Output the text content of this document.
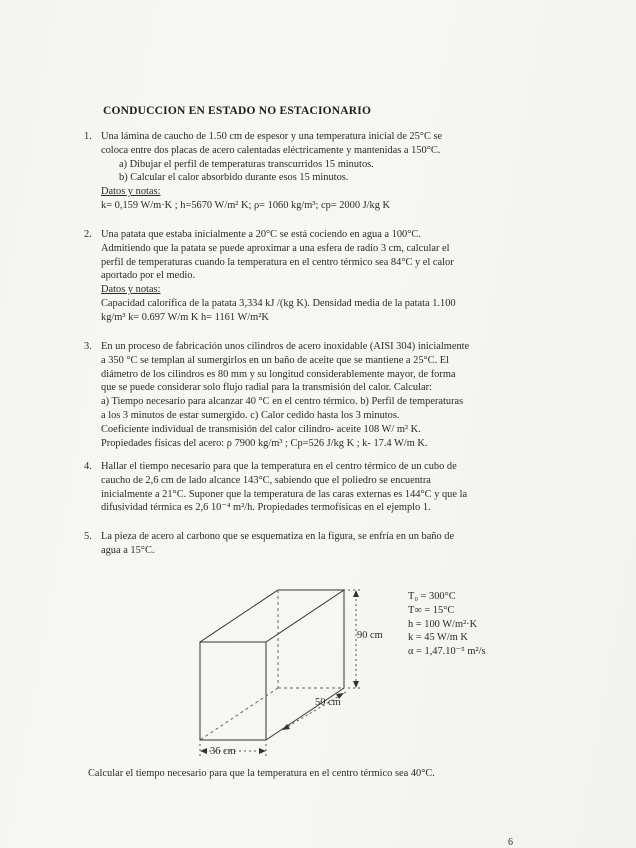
CONDUCCION EN ESTADO NO ESTACIONARIO
1. Una lámina de caucho de 1.50 cm de espesor y una temperatura inicial de 25°C se
coloca entre dos placas de acero calentadas eléctricamente y mantenidas a 150°C.
a) Dibujar el perfil de temperaturas transcurridos 15 minutos.
b) Calcular el calor absorbido durante esos 15 minutos.
Datos y notas:
k= 0,159 W/m·K ; h=5670 W/m² K; ρ= 1060 kg/m³; cp= 2000 J/kg K
2. Una patata que estaba inicialmente a 20°C se está cociendo en agua a 100°C.
Admitiendo que la patata se puede aproximar a una esfera de radio 3 cm, calcular el
perfil de temperaturas cuando la temperatura en el centro térmico sea 84°C y el calor
aportado por el medio.
Datos y notas:
Capacidad calorífica de la patata 3,334 kJ /(kg K). Densidad media de la patata 1.100
kg/m³ k= 0.697 W/m K h= 1161 W/m²K
3. En un proceso de fabricación unos cilindros de acero inoxidable (AISI 304) inicialmente
a 350 °C se templan al sumergirlos en un baño de aceite que se mantiene a 25°C. El
diámetro de los cilindros es 80 mm y su longitud considerablemente mayor, de forma
que se puede considerar solo flujo radial para la transmisión del calor. Calcular:
a) Tiempo necesario para alcanzar 40 °C en el centro térmico. b) Perfil de temperaturas
a los 3 minutos de estar sumergido. c) Calor cedido hasta los 3 minutos.
Coeficiente individual de transmisión del calor cilindro- aceite 108 W/ m² K.
Propiedades físicas del acero: ρ 7900 kg/m³ ; Cp=526 J/kg K ; k- 17.4 W/m K.
4. Hallar el tiempo necesario para que la temperatura en el centro térmico de un cubo de
caucho de 2,6 cm de lado alcance 143°C, sabiendo que el poliedro se encuentra
inicialmente a 21°C. Suponer que la temperatura de las caras externas es 144°C y que la
difusividad térmica es 2,6 10⁻⁴ m²/h. Propiedades termofísicas en el ejemplo 1.
5. La pieza de acero al carbono que se esquematiza en la figura, se enfría en un baño de
agua a 15°C.
90 cm
50 cm
36 cm
T₀ = 300°C
T∞ = 15°C
h = 100 W/m²·K
k = 45 W/m K
α = 1,47.10⁻⁵ m²/s
Calcular el tiempo necesario para que la temperatura en el centro térmico sea 40°C.
6
